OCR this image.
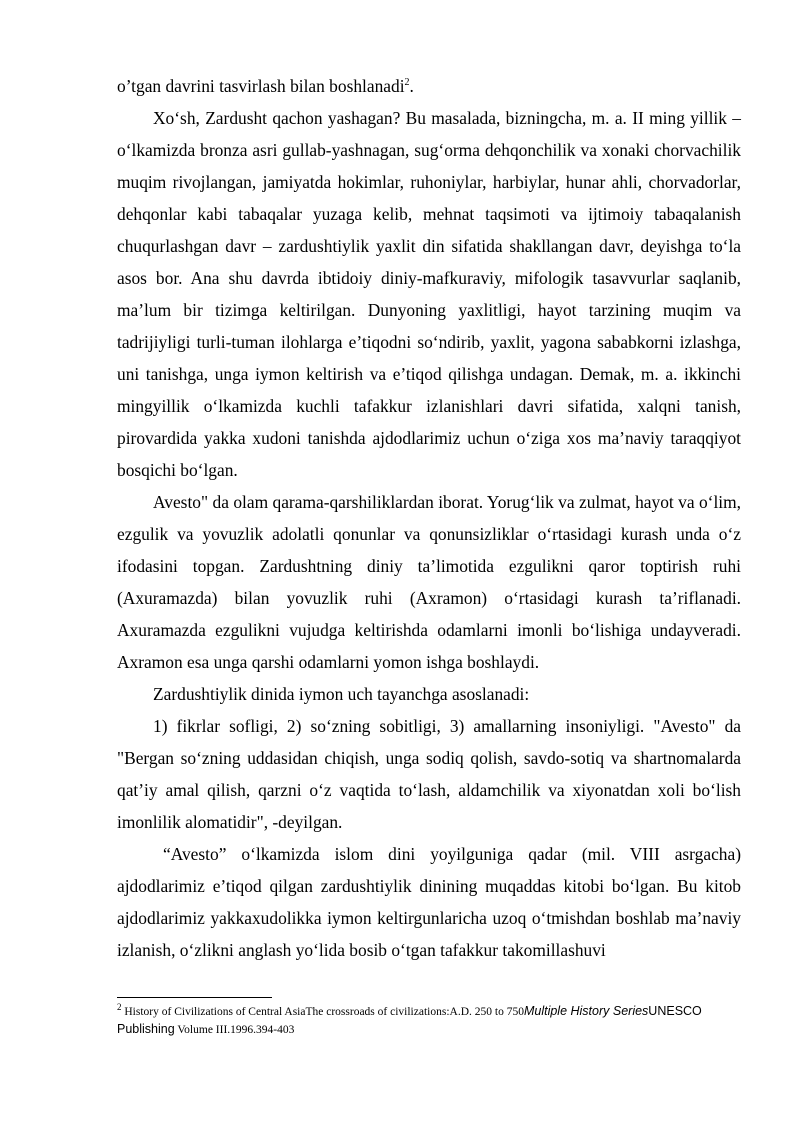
o’tgan davrini tasvirlash bilan boshlanadi$^2$.

Xo‘sh, Zardusht qachon yashagan? Bu masalada, bizningcha, m. a. II ming yillik – o‘lkamizda bronza asri gullab-yashnagan, sug‘orma dehqonchilik va xonaki chorvachilik muqim rivojlangan, jamiyatda hokimlar, ruhoniylar, harbiylar, hunar ahli, chorvadorlar, dehqonlar kabi tabaqalar yuzaga kelib, mehnat taqsimoti va ijtimoiy tabaqalanish chuqurlashgan davr – zardushtiylik yaxlit din sifatida shakllangan davr, deyishga to‘la asos bor. Ana shu davrda ibtidoiy diniy-mafkuraviy, mifologik tasavvurlar saqlanib, ma’lum bir tizimga keltirilgan. Dunyoning yaxlitligi, hayot tarzining muqim va tadrijiyligi turli-tuman ilohlarga e’tiqodni so‘ndirib, yaxlit, yagona sababkorni izlashga, uni tanishga, unga iymon keltirish va e’tiqod qilishga undagan. Demak, m. a. ikkinchi mingyillik o‘lkamizda kuchli tafakkur izlanishlari davri sifatida, xalqni tanish, pirovardida yakka xudoni tanishda ajdodlarimiz uchun o‘ziga xos ma’naviy taraqqiyot bosqichi bo‘lgan.

Avesto" da olam qarama-qarshiliklardan iborat. Yorug‘lik va zulmat, hayot va o‘lim, ezgulik va yovuzlik adolatli qonunlar va qonunsizliklar o‘rtasidagi kurash unda o‘z ifodasini topgan. Zardushtning diniy ta’limotida ezgulikni qaror toptirish ruhi (Axuramazda) bilan yovuzlik ruhi (Axramon) o‘rtasidagi kurash ta’riflanadi. Axuramazda ezgulikni vujudga keltirishda odamlarni imonli bo‘lishiga undayveradi. Axramon esa unga qarshi odamlarni yomon ishga boshlaydi.

Zardushtiylik dinida iymon uch tayanchga asoslanadi:

1) fikrlar sofligi, 2) so‘zning sobitligi, 3) amallarning insoniyligi. "Avesto" da "Bergan so‘zning uddasidan chiqish, unga sodiq qolish, savdo-sotiq va shartnomalarda qat’iy amal qilish, qarzni o‘z vaqtida to‘lash, aldamchilik va xiyonatdan xoli bo‘lish imonlilik alomatidir", -deyilgan.

“Avesto” o‘lkamizda islom dini yoyilguniga qadar (mil. VIII asrgacha) ajdodlarimiz e’tiqod qilgan zardushtiylik dinining muqaddas kitobi bo‘lgan. Bu kitob ajdodlarimiz yakkaxudolikka iymon keltirgunlaricha uzoq o‘tmishdan boshlab ma’naviy izlanish, o‘zlikni anglash yo‘lida bosib o‘tgan tafakkur takomillashuvi

$^2$ History of Civilizations of Central AsiaThe crossroads of civilizations:A.D. 250 to 750Multiple History SeriesUNESCO
Publishing Volume III.1996.394-403
